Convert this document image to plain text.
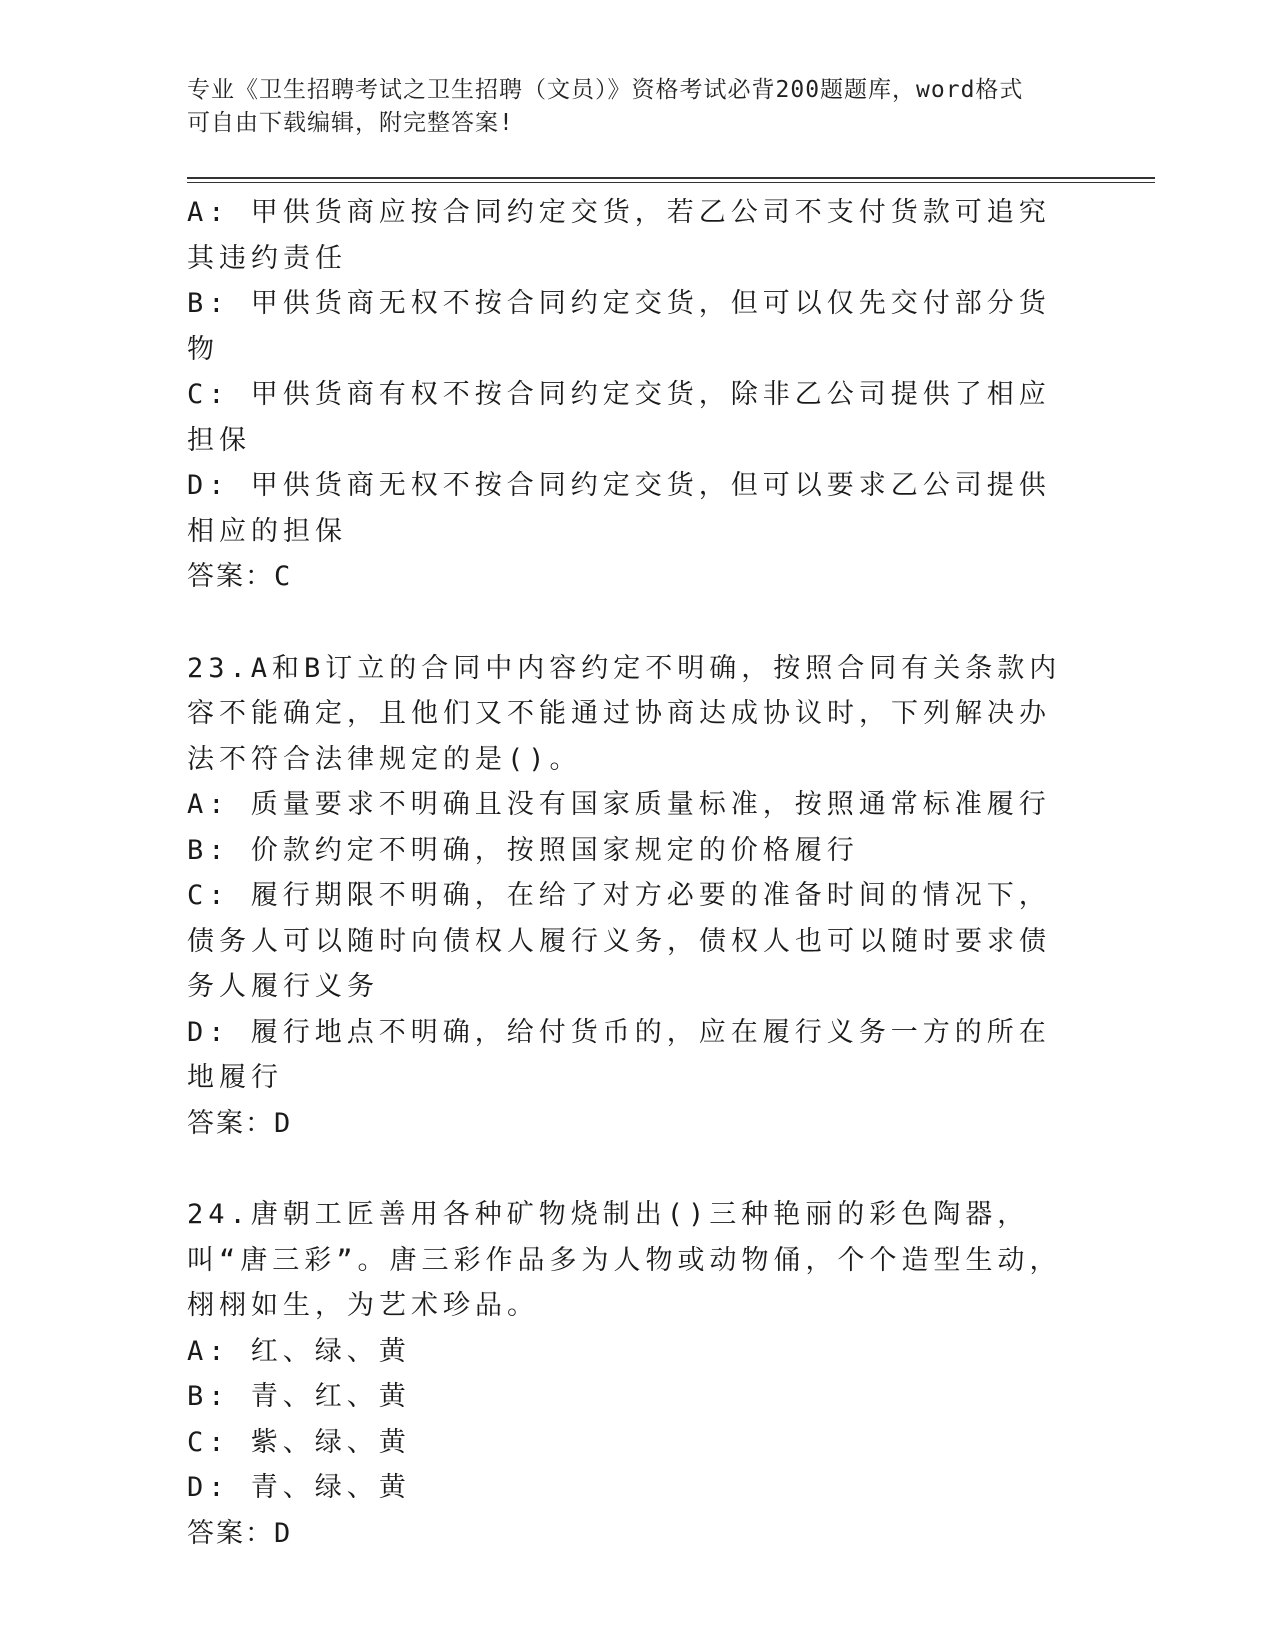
专业《卫生招聘考试之卫生招聘（文员）》资格考试必背200题题库，word格式
可自由下载编辑，附完整答案!

A: 甲供货商应按合同约定交货，若乙公司不支付货款可追究其违约责任

B: 甲供货商无权不按合同约定交货，但可以仅先交付部分货物

C: 甲供货商有权不按合同约定交货，除非乙公司提供了相应担保

D: 甲供货商无权不按合同约定交货，但可以要求乙公司提供相应的担保

答案：C

23.A和B订立的合同中内容约定不明确，按照合同有关条款内容不能确定，且他们又不能通过协商达成协议时，下列解决办法不符合法律规定的是()。

A: 质量要求不明确且没有国家质量标准，按照通常标准履行

B: 价款约定不明确，按照国家规定的价格履行

C: 履行期限不明确，在给了对方必要的准备时间的情况下，债务人可以随时向债权人履行义务，债权人也可以随时要求债务人履行义务

D: 履行地点不明确，给付货币的，应在履行义务一方的所在地履行

答案：D

24.唐朝工匠善用各种矿物烧制出()三种艳丽的彩色陶器，叫“唐三彩”。唐三彩作品多为人物或动物俑，个个造型生动，栩栩如生，为艺术珍品。

A: 红、绿、黄

B: 青、红、黄

C: 紫、绿、黄

D: 青、绿、黄

答案：D
